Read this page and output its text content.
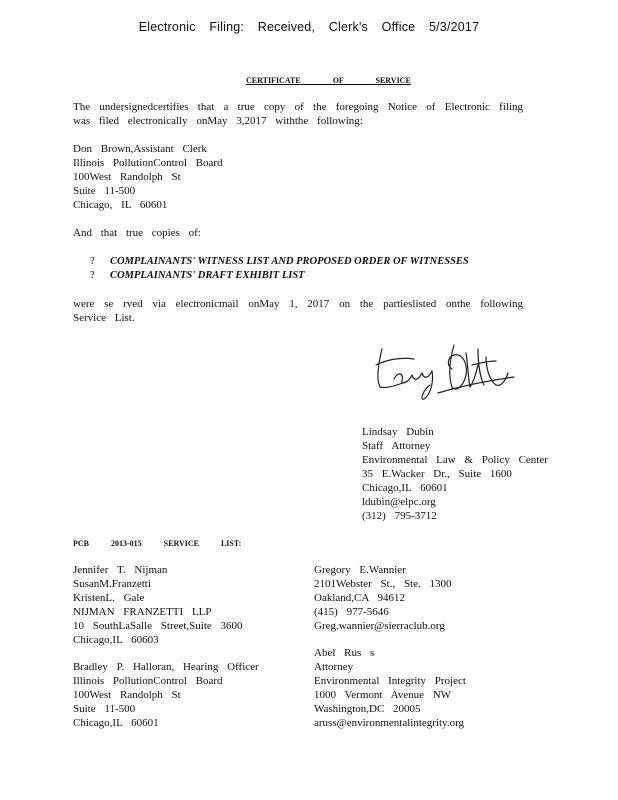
Electronic Filing: Received, Clerk's Office 5/3/2017
CERTIFICATE OF SERVICE
The undersignedcertifies that a true copy of the foregoing Notice of Electronic filing was filed electronically onMay 3,2017 withthe following:
Don Brown,Assistant Clerk
Illinois PollutionControl Board
100West Randolph St
Suite 11-500
Chicago, IL 60601
And that true copies of:
? COMPLAINANTS' WITNESS LIST AND PROPOSED ORDER OF WITNESSES
? COMPLAINANTS' DRAFT EXHIBIT LIST
were se rved via electronicmail onMay 1, 2017 on the partieslisted onthe following Service List.
Lindsay Dubin
Staff Attorney
Environmental Law & Policy Center
35 E.Wacker Dr., Suite 1600
Chicago,IL 60601
ldubin@elpc.org
(312) 795-3712
PCB 2013-015 SERVICE LIST:
Jennifer T. Nijman
SusanM.Franzetti
KristenL. Gale
NIJMAN FRANZETTI LLP
10 SouthLaSalle Street,Suite 3600
Chicago,IL 60603
Bradley P. Halloran, Hearing Officer
Illinois PollutionControl Board
100West Randolph St
Suite 11-500
Chicago,IL 60601
Gregory E.Wannier
2101Webster St., Ste. 1300
Oakland,CA 94612
(415) 977-5646
Greg.wannier@sierraclub.org
Abel Rus s
Attorney
Environmental Integrity Project
1000 Vermont Avenue NW
Washington,DC 20005
aruss@environmentalintegrity.org
